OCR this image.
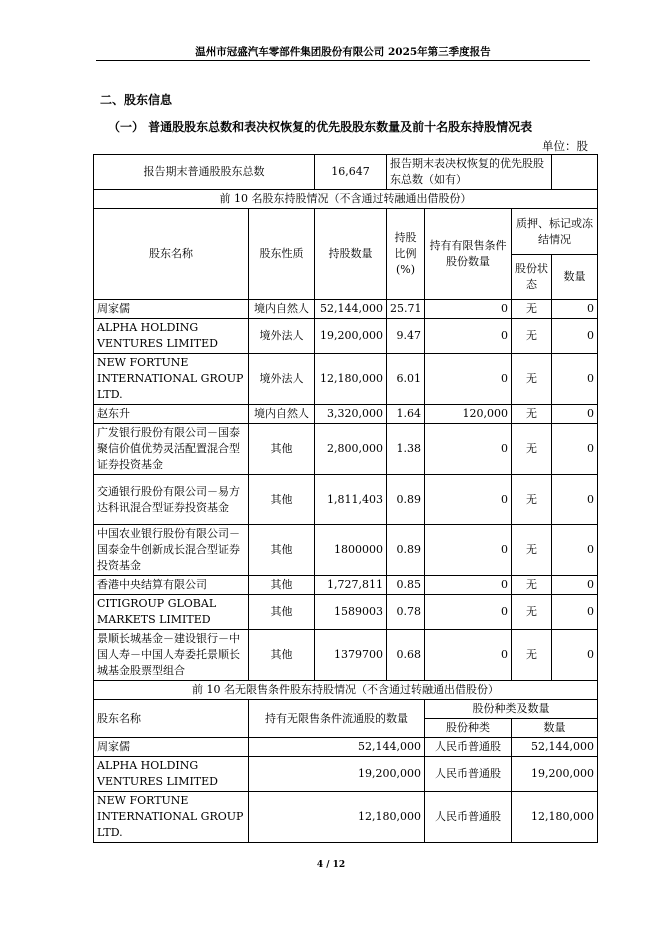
温州市冠盛汽车零部件集团股份有限公司 2025年第三季度报告
二、股东信息
（一） 普通股股东总数和表决权恢复的优先股股东数量及前十名股东持股情况表
单位：股
报告期末普通股股东总数		16,647	报告期末表决权恢复的优先股股东总数（如有）			
前 10 名股东持股情况（不含通过转融通出借股份）						
股东名称	股东性质	持股数量	持股比例(%)	持有有限售条件股份数量	质押、标记或冻结情况	
					股份状态	数量
周家儒	境内自然人	52,144,000	25.71	0	无	0
ALPHA HOLDING VENTURES LIMITED	境外法人	19,200,000	9.47	0	无	0
NEW FORTUNE INTERNATIONAL GROUP LTD.	境外法人	12,180,000	6.01	0	无	0
赵东升	境内自然人	3,320,000	1.64	120,000	无	0
广发银行股份有限公司－国泰聚信价值优势灵活配置混合型证券投资基金	其他	2,800,000	1.38	0	无	0
交通银行股份有限公司－易方达科讯混合型证券投资基金	其他	1,811,403	0.89	0	无	0
中国农业银行股份有限公司－国泰金牛创新成长混合型证券投资基金	其他	1800000	0.89	0	无	0
香港中央结算有限公司	其他	1,727,811	0.85	0	无	0
CITIGROUP GLOBAL MARKETS LIMITED	其他	1589003	0.78	0	无	0
景顺长城基金－建设银行－中国人寿－中国人寿委托景顺长城基金股票型组合	其他	1379700	0.68	0	无	0
前 10 名无限售条件股东持股情况（不含通过转融通出借股份）						
股东名称	持有无限售条件流通股的数量			股份种类及数量		
				股份种类	数量	
周家儒	52,144,000			人民币普通股	52,144,000	
ALPHA HOLDING VENTURES LIMITED	19,200,000			人民币普通股	19,200,000	
NEW FORTUNE INTERNATIONAL GROUP LTD.	12,180,000			人民币普通股	12,180,000	
4 / 12
